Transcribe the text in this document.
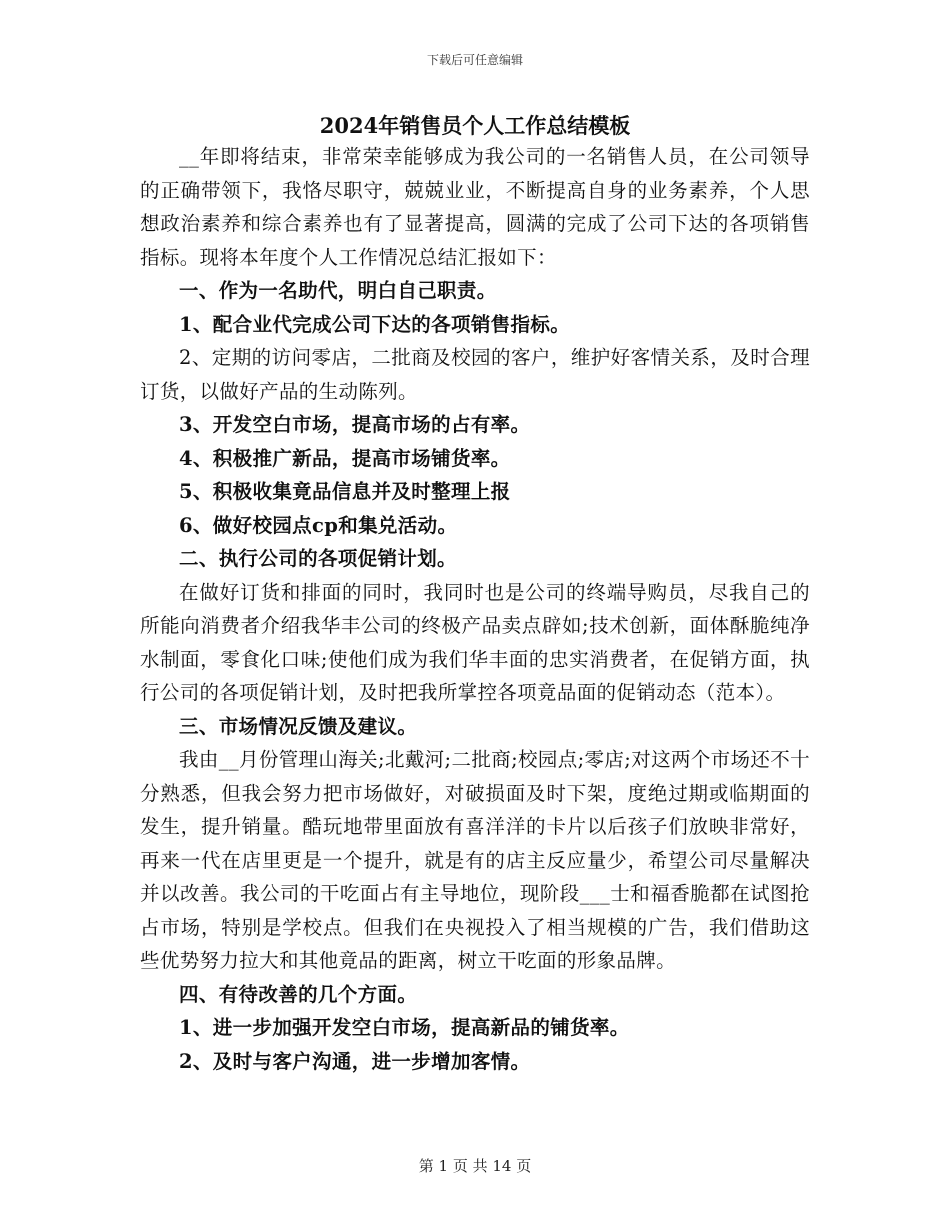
下载后可任意编辑
2024年销售员个人工作总结模板

__年即将结束，非常荣幸能够成为我公司的一名销售人员，在公司领导的正确带领下，我恪尽职守，兢兢业业，不断提高自身的业务素养，个人思想政治素养和综合素养也有了显著提高，圆满的完成了公司下达的各项销售指标。现将本年度个人工作情况总结汇报如下：

一、作为一名助代，明白自己职责。

1、配合业代完成公司下达的各项销售指标。

2、定期的访问零店，二批商及校园的客户，维护好客情关系，及时合理订货，以做好产品的生动陈列。

3、开发空白市场，提高市场的占有率。

4、积极推广新品，提高市场铺货率。

5、积极收集竟品信息并及时整理上报

6、做好校园点cp和集兑活动。

二、执行公司的各项促销计划。

在做好订货和排面的同时，我同时也是公司的终端导购员，尽我自己的所能向消费者介绍我华丰公司的终极产品卖点辟如;技术创新，面体酥脆纯净水制面，零食化口味;使他们成为我们华丰面的忠实消费者，在促销方面，执行公司的各项促销计划，及时把我所掌控各项竟品面的促销动态（范本）。

三、市场情况反馈及建议。

我由__月份管理山海关;北戴河;二批商;校园点;零店;对这两个市场还不十分熟悉，但我会努力把市场做好，对破损面及时下架，度绝过期或临期面的发生，提升销量。酷玩地带里面放有喜洋洋的卡片以后孩子们放映非常好，再来一代在店里更是一个提升，就是有的店主反应量少，希望公司尽量解决并以改善。我公司的干吃面占有主导地位，现阶段___士和福香脆都在试图抢占市场，特别是学校点。但我们在央视投入了相当规模的广告，我们借助这些优势努力拉大和其他竟品的距离，树立干吃面的形象品牌。

四、有待改善的几个方面。

1、进一步加强开发空白市场，提高新品的铺货率。

2、及时与客户沟通，进一步增加客情。

第 1 页 共 14 页
